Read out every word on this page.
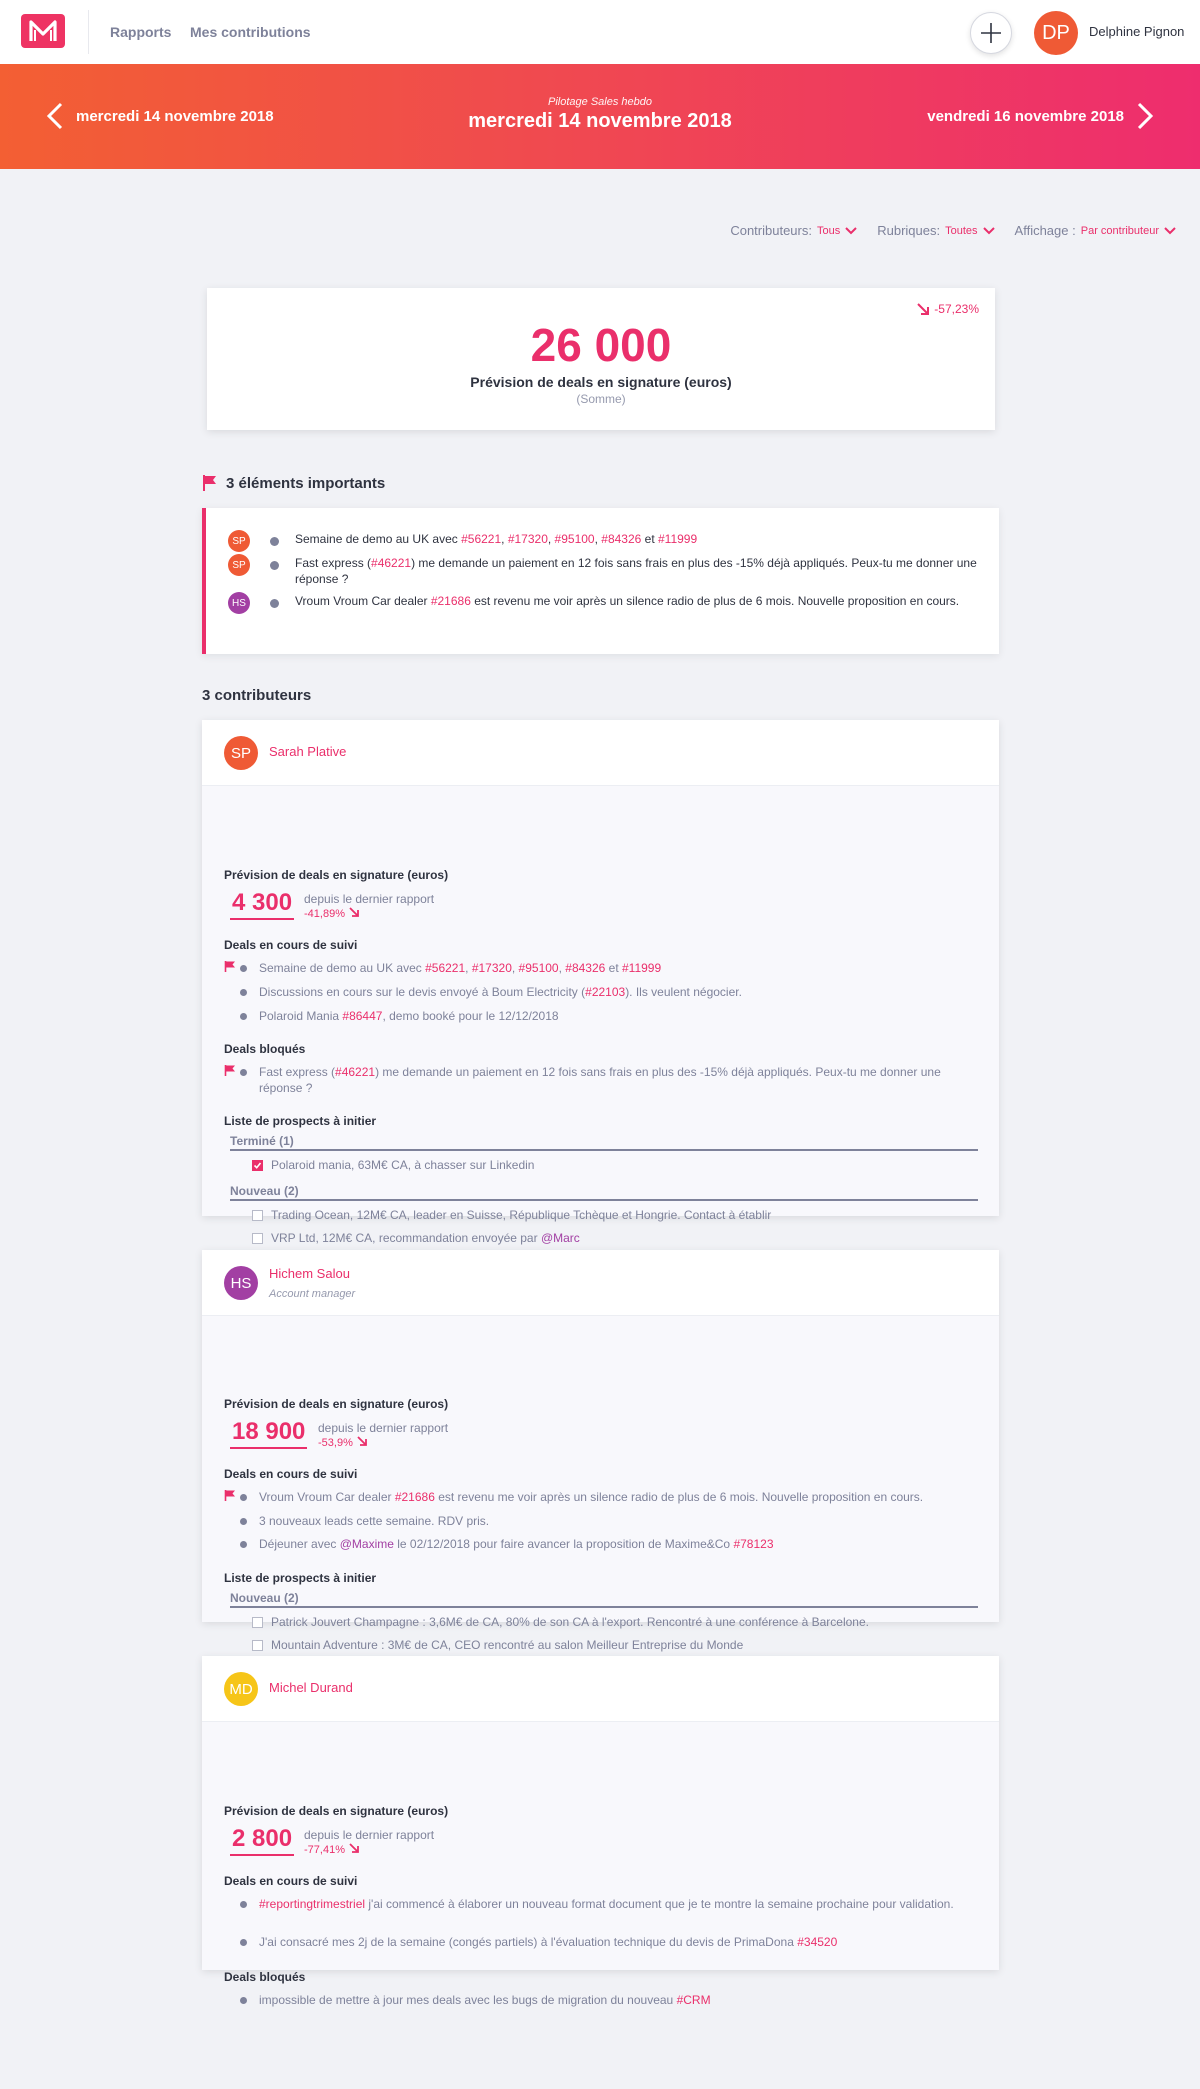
Rapports Mes contributions	DP	Delphine Pignon
mercredi 14 novembre 2018
Pilotage Sales hebdo
mercredi 14 novembre 2018	vendredi 16 novembre 2018
Contributeurs: Tous	Rubriques: Toutes	Affichage : Par contributeur
-57,23%
26 000
Prévision de deals en signature (euros)
(Somme)
3 éléments importants
SP	Semaine de demo au UK avec #56221, #17320, #95100, #84326 et #11999
SP	Fast express (#46221) me demande un paiement en 12 fois sans frais en plus des -15% déjà appliqués. Peux-tu me donner une réponse ?
HS	Vroum Vroum Car dealer #21686 est revenu me voir après un silence radio de plus de 6 mois. Nouvelle proposition en cours.
3 contributeurs
SP	Sarah Plative
Prévision de deals en signature (euros)
4 300 depuis le dernier rapport
-41,89%
Deals en cours de suivi
Semaine de demo au UK avec #56221, #17320, #95100, #84326 et #11999
Discussions en cours sur le devis envoyé à Boum Electricity (#22103). Ils veulent négocier.
Polaroid Mania #86447, demo booké pour le 12/12/2018
Deals bloqués
Fast express (#46221) me demande un paiement en 12 fois sans frais en plus des -15% déjà appliqués. Peux-tu me donner une réponse ?
Liste de prospects à initier
Terminé (1)
Polaroid mania, 63M€ CA, à chasser sur Linkedin
Nouveau (2)
Trading Ocean, 12M€ CA, leader en Suisse, République Tchèque et Hongrie. Contact à établir
VRP Ltd, 12M€ CA, recommandation envoyée par @Marc
HS
Hichem Salou
Account manager
Prévision de deals en signature (euros)
18 900 depuis le dernier rapport
-53,9%
Deals en cours de suivi
Vroum Vroum Car dealer #21686 est revenu me voir après un silence radio de plus de 6 mois. Nouvelle proposition en cours.
3 nouveaux leads cette semaine. RDV pris.
Déjeuner avec @Maxime le 02/12/2018 pour faire avancer la proposition de Maxime&Co #78123
Liste de prospects à initier
Nouveau (2)
Patrick Jouvert Champagne : 3,6M€ de CA, 80% de son CA à l'export. Rencontré à une conférence à Barcelone.
Mountain Adventure : 3M€ de CA, CEO rencontré au salon Meilleur Entreprise du Monde
MD	Michel Durand
Prévision de deals en signature (euros)
2 800 depuis le dernier rapport
-77,41%
Deals en cours de suivi
#reportingtrimestriel j'ai commencé à élaborer un nouveau format document que je te montre la semaine prochaine pour validation.
J'ai consacré mes 2j de la semaine (congés partiels) à l'évaluation technique du devis de PrimaDona #34520
Deals bloqués
impossible de mettre à jour mes deals avec les bugs de migration du nouveau #CRM
